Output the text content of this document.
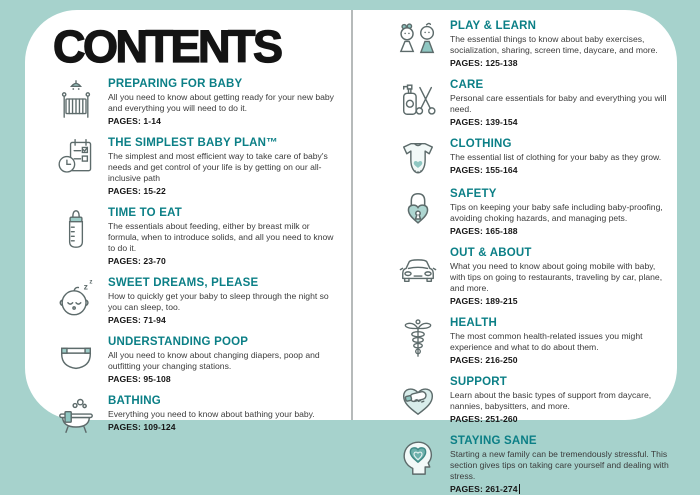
CONTENTS
PREPARING FOR BABY
All you need to know about getting ready for your new baby and everything you will need to do it.
PAGES: 1-14
THE SIMPLEST BABY PLAN™
The simplest and most efficient way to take care of baby's needs and get control of your life is by getting on our all-inclusive path
PAGES: 15-22
TIME TO EAT
The essentials about feeding, either by breast milk or formula, when to introduce solids, and all you need to know to do it.
PAGES: 23-70
z z SWEET DREAMS, PLEASE
How to quickly get your baby to sleep through the night so you can sleep, too.
PAGES: 71-94
UNDERSTANDING POOP
All you need to know about changing diapers, poop and outfitting your changing stations.
PAGES: 95-108
BATHING
Everything you need to know about bathing your baby.
PAGES: 109-124
PLAY & LEARN
The essential things to know about baby exercises, socialization, sharing, screen time, daycare, and more.
PAGES: 125-138
CARE
Personal care essentials for baby and everything you will need.
PAGES: 139-154
CLOTHING
The essential list of clothing for your baby as they grow.
PAGES: 155-164
SAFETY
Tips on keeping your baby safe including baby-proofing, avoiding choking hazards, and managing pets.
PAGES: 165-188
OUT & ABOUT
What you need to know about going mobile with baby, with tips on going to restaurants, traveling by car, plane, and more.
PAGES: 189-215
HEALTH
The most common health-related issues you might experience and what to do about them.
PAGES: 216-250
SUPPORT
Learn about the basic types of support from daycare, nannies, babysitters, and more.
PAGES: 251-260
STAYING SANE
Starting a new family can be tremendously stressful. This section gives tips on taking care yourself and dealing with stress.
PAGES: 261-274
